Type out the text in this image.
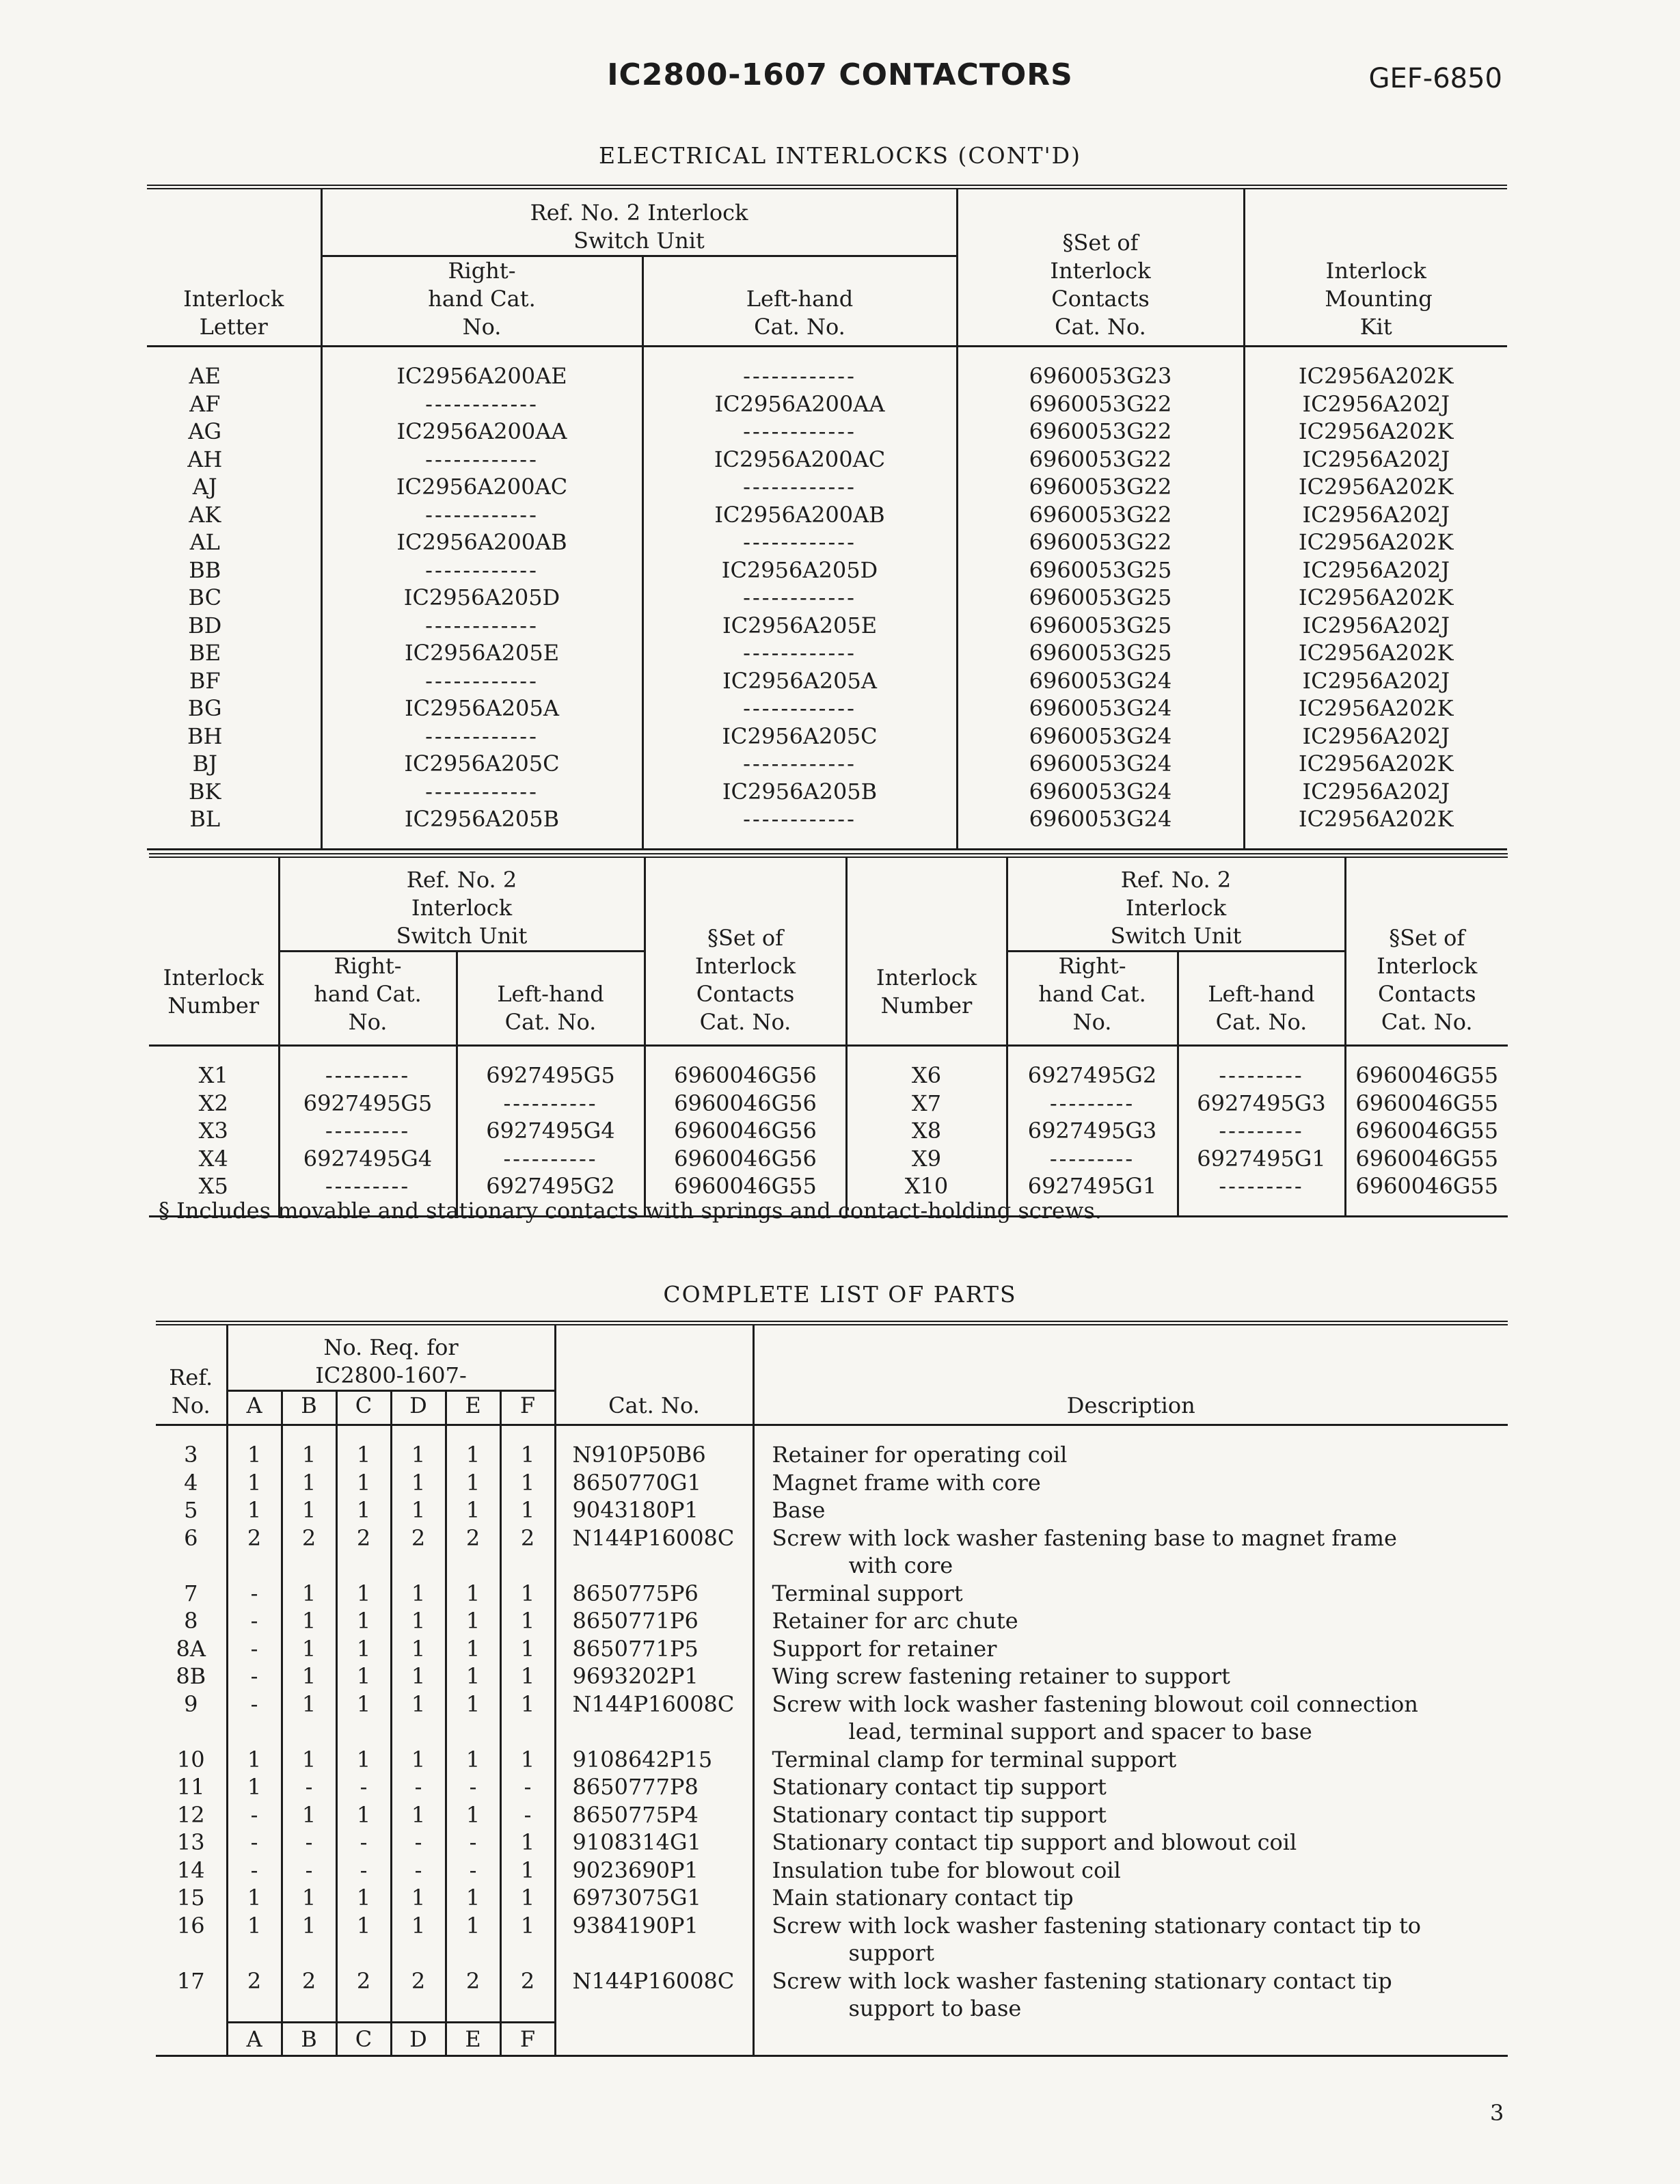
IC2800-1607 CONTACTORS	GEF-6850
ELECTRICAL INTERLOCKS (CONT'D)
Interlock Letter	Ref. No. 2 Interlock Switch Unit		§Set of Interlock Contacts Cat. No.	Interlock Mounting Kit

	Right-hand Cat. No.	Left-hand Cat. No.		

AE	IC2956A200AE	------------	6960053G23	IC2956A202K
AF	------------	IC2956A200AA	6960053G22	IC2956A202J
AG	IC2956A200AA	------------	6960053G22	IC2956A202K
AH	------------	IC2956A200AC	6960053G22	IC2956A202J
AJ	IC2956A200AC	------------	6960053G22	IC2956A202K
AK	------------	IC2956A200AB	6960053G22	IC2956A202J
AL	IC2956A200AB	------------	6960053G22	IC2956A202K
BB	------------	IC2956A205D	6960053G25	IC2956A202J
BC	IC2956A205D	------------	6960053G25	IC2956A202K
BD	------------	IC2956A205E	6960053G25	IC2956A202J
BE	IC2956A205E	------------	6960053G25	IC2956A202K
BF	------------	IC2956A205A	6960053G24	IC2956A202J
BG	IC2956A205A	------------	6960053G24	IC2956A202K
BH	------------	IC2956A205C	6960053G24	IC2956A202J
BJ	IC2956A205C	------------	6960053G24	IC2956A202K
BK	------------	IC2956A205B	6960053G24	IC2956A202J
BL	IC2956A205B	------------	6960053G24	IC2956A202K

Interlock Number	Ref. No. 2 Interlock Switch Unit		§Set of Interlock Contacts Cat. No.	Interlock Number	Ref. No. 2 Interlock Switch Unit		§Set of Interlock Contacts Cat. No.

	Right-hand Cat. No.	Left-hand Cat. No.			Right-hand Cat. No.	Left-hand Cat. No.	

X1	---------	6927495G5	6960046G56	X6	6927495G2	---------	6960046G55
X2	6927495G5	----------	6960046G56	X7	---------	6927495G3	6960046G55
X3	---------	6927495G4	6960046G56	X8	6927495G3	---------	6960046G55
X4	6927495G4	----------	6960046G56	X9	---------	6927495G1	6960046G55
X5	---------	6927495G2	6960046G55	X10	6927495G1	---------	6960046G55

§ Includes movable and stationary contacts with springs and contact-holding screws.
COMPLETE LIST OF PARTS
Ref. No.	No. Req. for IC2800-1607-						Cat. No.	Description
	A	B	C	D	E	F		

3	1	1	1	1	1	1	N910P50B6	Retainer for operating coil
4	1	1	1	1	1	1	8650770G1	Magnet frame with core
5	1	1	1	1	1	1	9043180P1	Base
6	2	2	2	2	2	2	N144P16008C	Screw with lock washer fastening base to magnet frame
with core

7	-	1	1	1	1	1	8650775P6	Terminal support
8	-	1	1	1	1	1	8650771P6	Retainer for arc chute
8A	-	1	1	1	1	1	8650771P5	Support for retainer
8B	-	1	1	1	1	1	9693202P1	Wing screw fastening retainer to support
9	-	1	1	1	1	1	N144P16008C	Screw with lock washer fastening blowout coil connection
lead, terminal support and spacer to base

10	1	1	1	1	1	1	9108642P15	Terminal clamp for terminal support
11	1	-	-	-	-	-	8650777P8	Stationary contact tip support
12	-	1	1	1	1	-	8650775P4	Stationary contact tip support
13	-	-	-	-	-	1	9108314G1	Stationary contact tip support and blowout coil
14	-	-	-	-	-	1	9023690P1	Insulation tube for blowout coil
15	1	1	1	1	1	1	6973075G1	Main stationary contact tip
16	1	1	1	1	1	1	9384190P1	Screw with lock washer fastening stationary contact tip to
support

17	2	2	2	2	2	2	N144P16008C	Screw with lock washer fastening stationary contact tip
support to base

	A	B	C	D	E	F		
3
